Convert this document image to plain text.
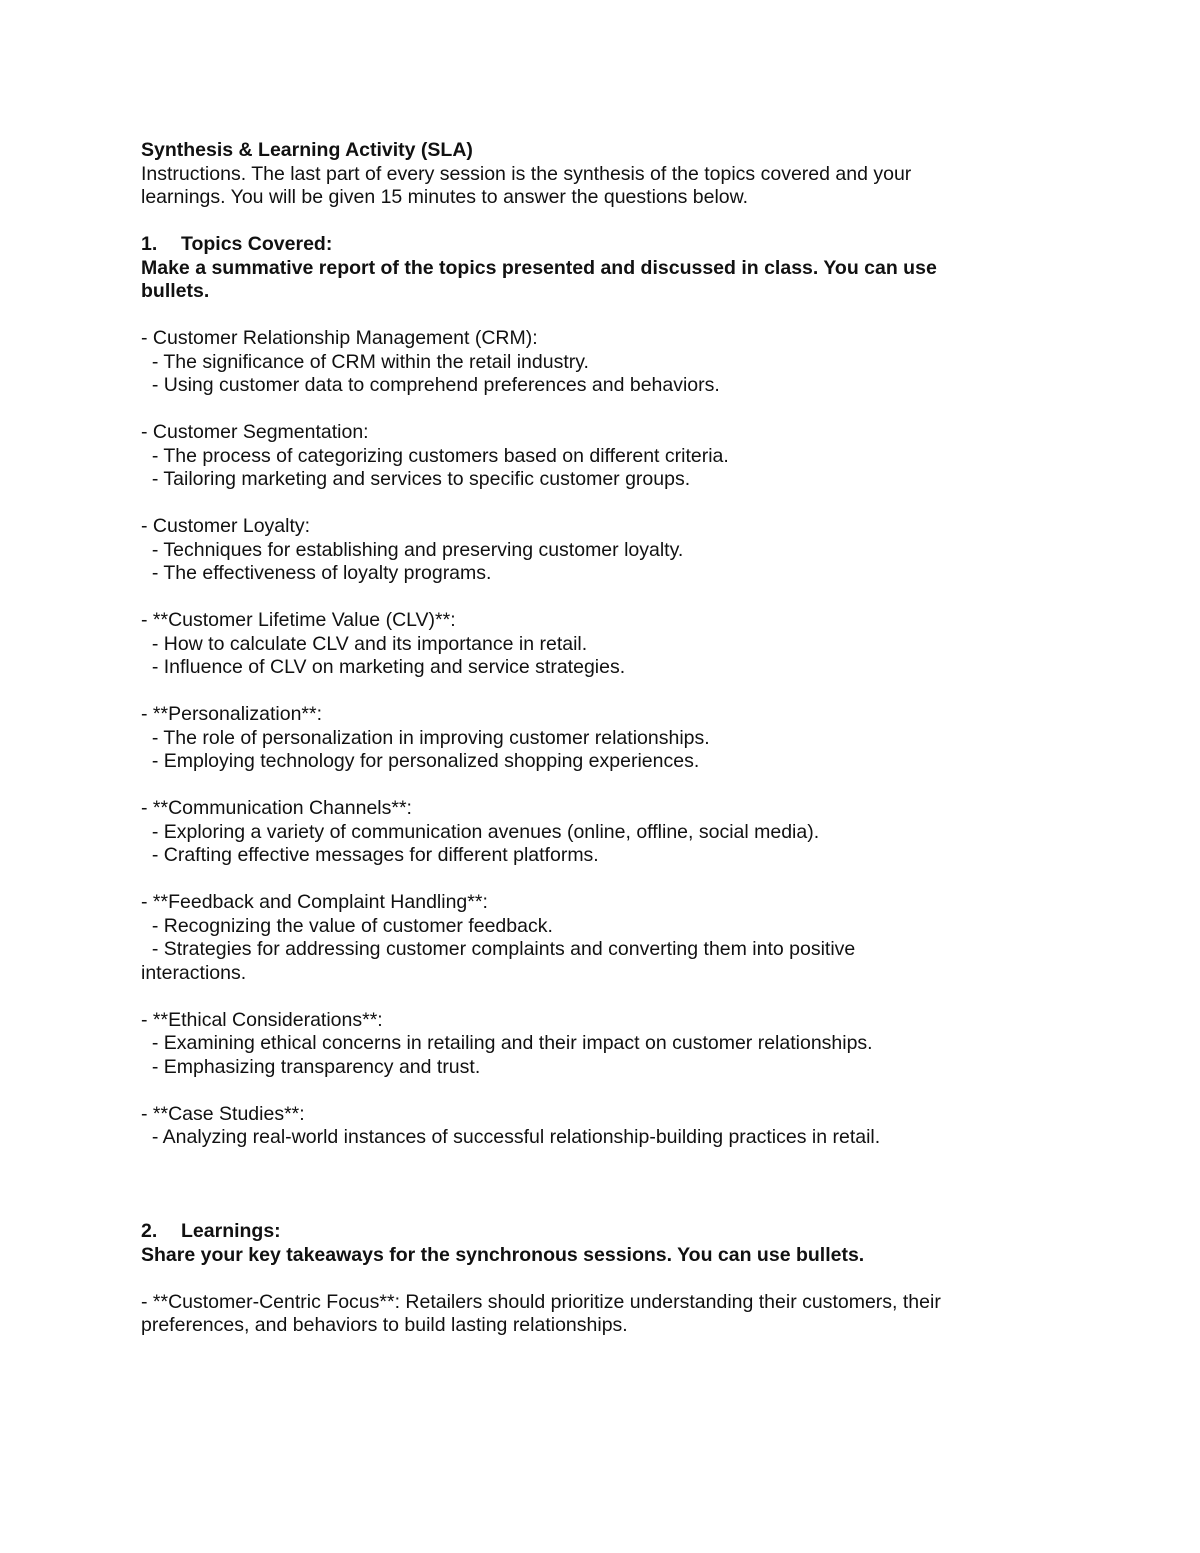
Synthesis & Learning Activity (SLA)
Instructions. The last part of every session is the synthesis of the topics covered and your
learnings. You will be given 15 minutes to answer the questions below.
1. Topics Covered:
Make a summative report of the topics presented and discussed in class. You can use
bullets.
- Customer Relationship Management (CRM):
- The significance of CRM within the retail industry.
- Using customer data to comprehend preferences and behaviors.
- Customer Segmentation:
- The process of categorizing customers based on different criteria.
- Tailoring marketing and services to specific customer groups.
- Customer Loyalty:
- Techniques for establishing and preserving customer loyalty.
- The effectiveness of loyalty programs.
- **Customer Lifetime Value (CLV)**:
- How to calculate CLV and its importance in retail.
- Influence of CLV on marketing and service strategies.
- **Personalization**:
- The role of personalization in improving customer relationships.
- Employing technology for personalized shopping experiences.
- **Communication Channels**:
- Exploring a variety of communication avenues (online, offline, social media).
- Crafting effective messages for different platforms.
- **Feedback and Complaint Handling**:
- Recognizing the value of customer feedback.
- Strategies for addressing customer complaints and converting them into positive
interactions.
- **Ethical Considerations**:
- Examining ethical concerns in retailing and their impact on customer relationships.
- Emphasizing transparency and trust.
- **Case Studies**:
- Analyzing real-world instances of successful relationship-building practices in retail.
2. Learnings:
Share your key takeaways for the synchronous sessions. You can use bullets.
- **Customer-Centric Focus**: Retailers should prioritize understanding their customers, their
preferences, and behaviors to build lasting relationships.
